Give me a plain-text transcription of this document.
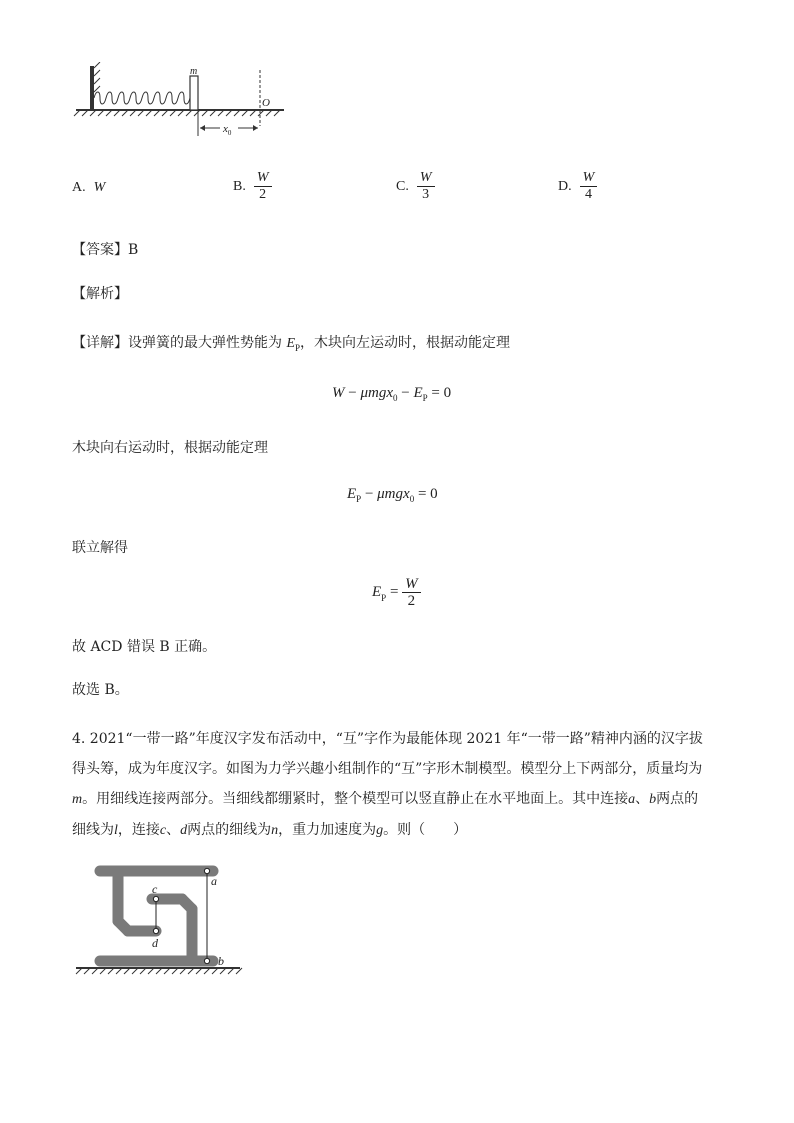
m
O
$x_0$
A. W	B. $\frac{W}{2}$	C. $\frac{W}{3}$	D. $\frac{W}{4}$
【答案】B
【解析】
【详解】设弹簧的最大弹性势能为 $E_P$，木块向左运动时，根据动能定理
$W - \mu mgx_0 - E_P = 0$
木块向右运动时，根据动能定理
$E_P - \mu mgx_0 = 0$
联立解得
$E_P = \frac{W}{2}$
故 ACD 错误 B 正确。
故选 B。
4. 2021“一带一路”年度汉字发布活动中，“互”字作为最能体现 2021 年“一带一路”精神内涵的汉字拔
得头筹，成为年度汉字。如图为力学兴趣小组制作的“互”字形木制模型。模型分上下两部分，质量均为
m。用细线连接两部分。当细线都绷紧时，整个模型可以竖直静止在水平地面上。其中连接a、b两点的
细线为l，连接c、d两点的细线为n，重力加速度为g。则（　　）
a
b
c
d
